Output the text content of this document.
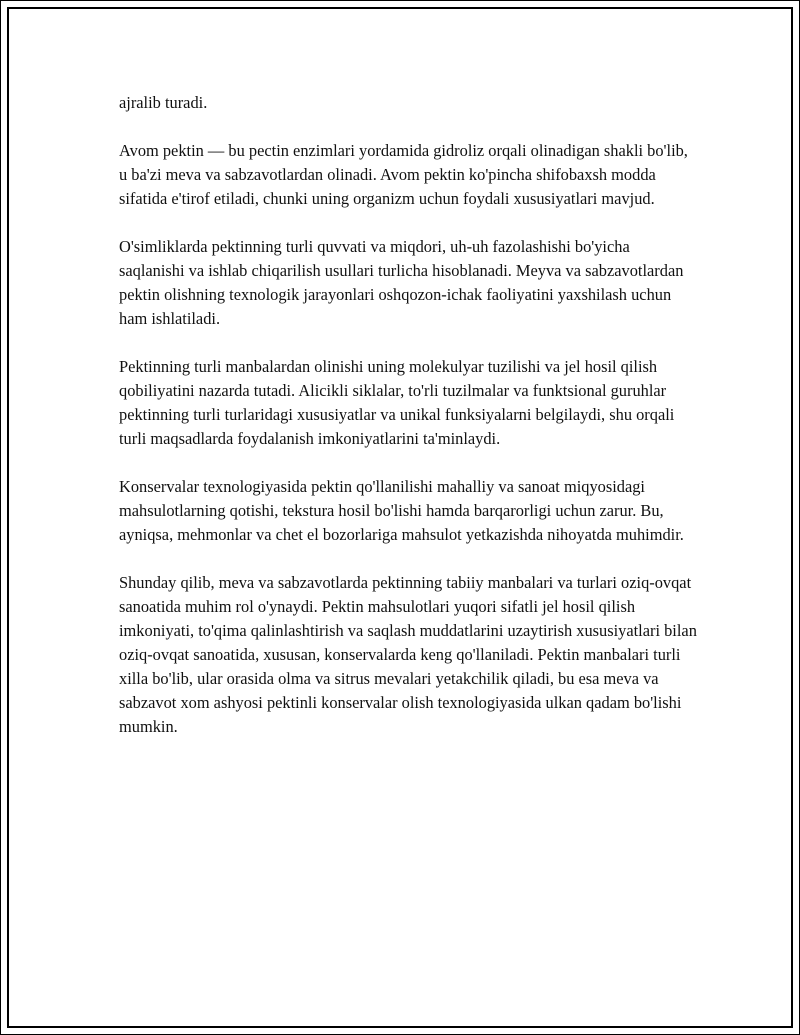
ajralib turadi.

Avom pektin — bu pectin enzimlari yordamida gidroliz orqali olinadigan shakli bo'lib, u ba'zi meva va sabzavotlardan olinadi. Avom pektin ko'pincha shifobaxsh modda sifatida e'tirof etiladi, chunki uning organizm uchun foydali xususiyatlari mavjud.

O'simliklarda pektinning turli quvvati va miqdori, uh-uh fazolashishi bo'yicha saqlanishi va ishlab chiqarilish usullari turlicha hisoblanadi. Meyva va sabzavotlardan pektin olishning texnologik jarayonlari oshqozon-ichak faoliyatini yaxshilash uchun ham ishlatiladi.

Pektinning turli manbalardan olinishi uning molekulyar tuzilishi va jel hosil qilish qobiliyatini nazarda tutadi. Alicikli siklalar, to'rli tuzilmalar va funktsional guruhlar pektinning turli turlaridagi xususiyatlar va unikal funksiyalarni belgilaydi, shu orqali turli maqsadlarda foydalanish imkoniyatlarini ta'minlaydi.

Konservalar texnologiyasida pektin qo'llanilishi mahalliy va sanoat miqyosidagi mahsulotlarning qotishi, tekstura hosil bo'lishi hamda barqarorligi uchun zarur. Bu, ayniqsa, mehmonlar va chet el bozorlariga mahsulot yetkazishda nihoyatda muhimdir.

Shunday qilib, meva va sabzavotlarda pektinning tabiiy manbalari va turlari oziq-ovqat sanoatida muhim rol o'ynaydi. Pektin mahsulotlari yuqori sifatli jel hosil qilish imkoniyati, to'qima qalinlashtirish va saqlash muddatlarini uzaytirish xususiyatlari bilan oziq-ovqat sanoatida, xususan, konservalarda keng qo'llaniladi. Pektin manbalari turli xilla bo'lib, ular orasida olma va sitrus mevalari yetakchilik qiladi, bu esa meva va sabzavot xom ashyosi pektinli konservalar olish texnologiyasida ulkan qadam bo'lishi mumkin.
